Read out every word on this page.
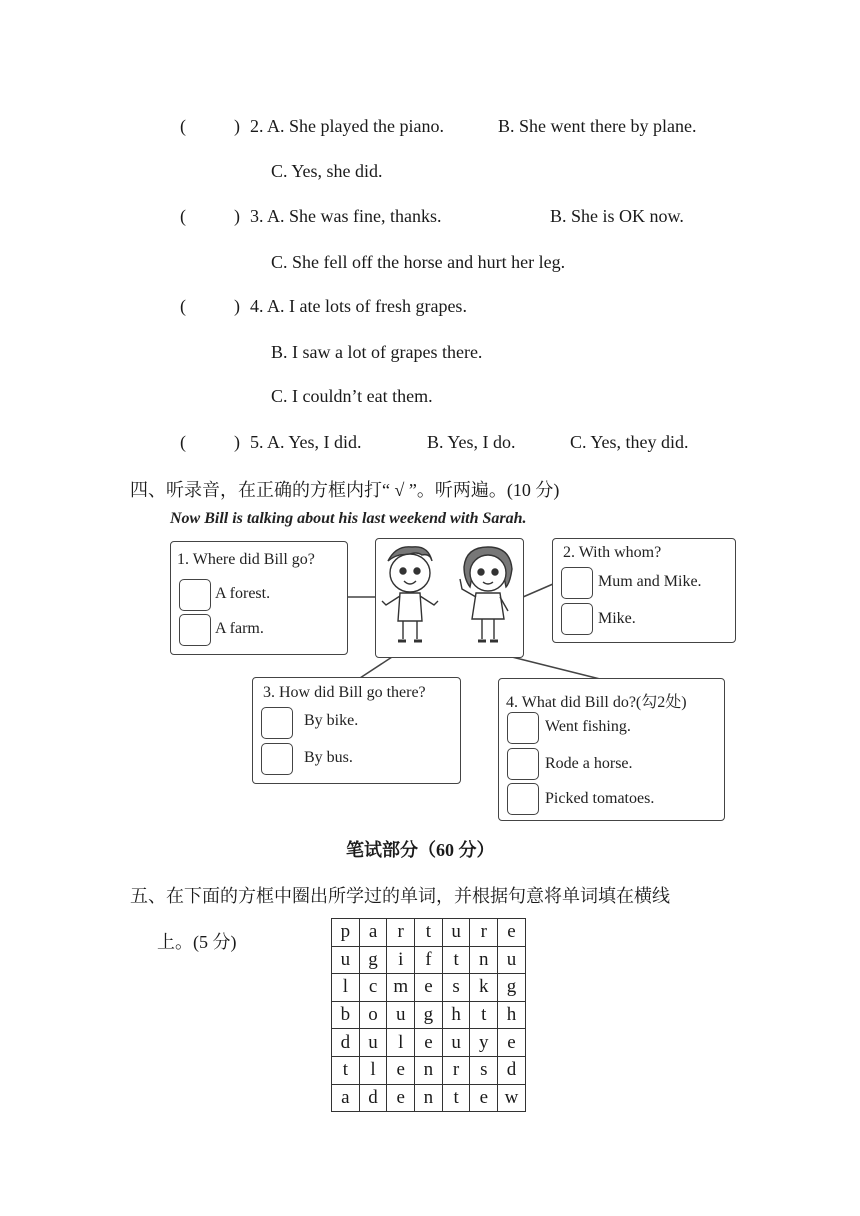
(	) 2. A. She played the piano.	B. She went there by plane.
C. Yes, she did.
(	) 3. A. She was fine, thanks.	B. She is OK now.
C. She fell off the horse and hurt her leg.
(	) 4. A. I ate lots of fresh grapes.
B. I saw a lot of grapes there.
C. I couldn’t eat them.
(	) 5. A. Yes, I did.	B. Yes, I do.	C. Yes, they did.
四、听录音，在正确的方框内打“ √ ”。听两遍。(10 分)
Now Bill is talking about his last weekend with Sarah.
1. Where did Bill go?
A forest.
A farm.
2. With whom?
Mum and Mike.
Mike.
3. How did Bill go there?
By bike.
By bus.
4. What did Bill do?(勾2处)
Went fishing.
Rode a horse.
Picked tomatoes.
笔试部分（60 分）
五、在下面的方框中圈出所学过的单词，并根据句意将单词填在横线
上。(5 分)	p	a	r	t	u	r	e
u	g	i	f	t	n	u
l	c	m	e	s	k	g
b	o	u	g	h	t	h
d	u	l	e	u	y	e
t	l	e	n	r	s	d
a	d	e	n	t	e	w
